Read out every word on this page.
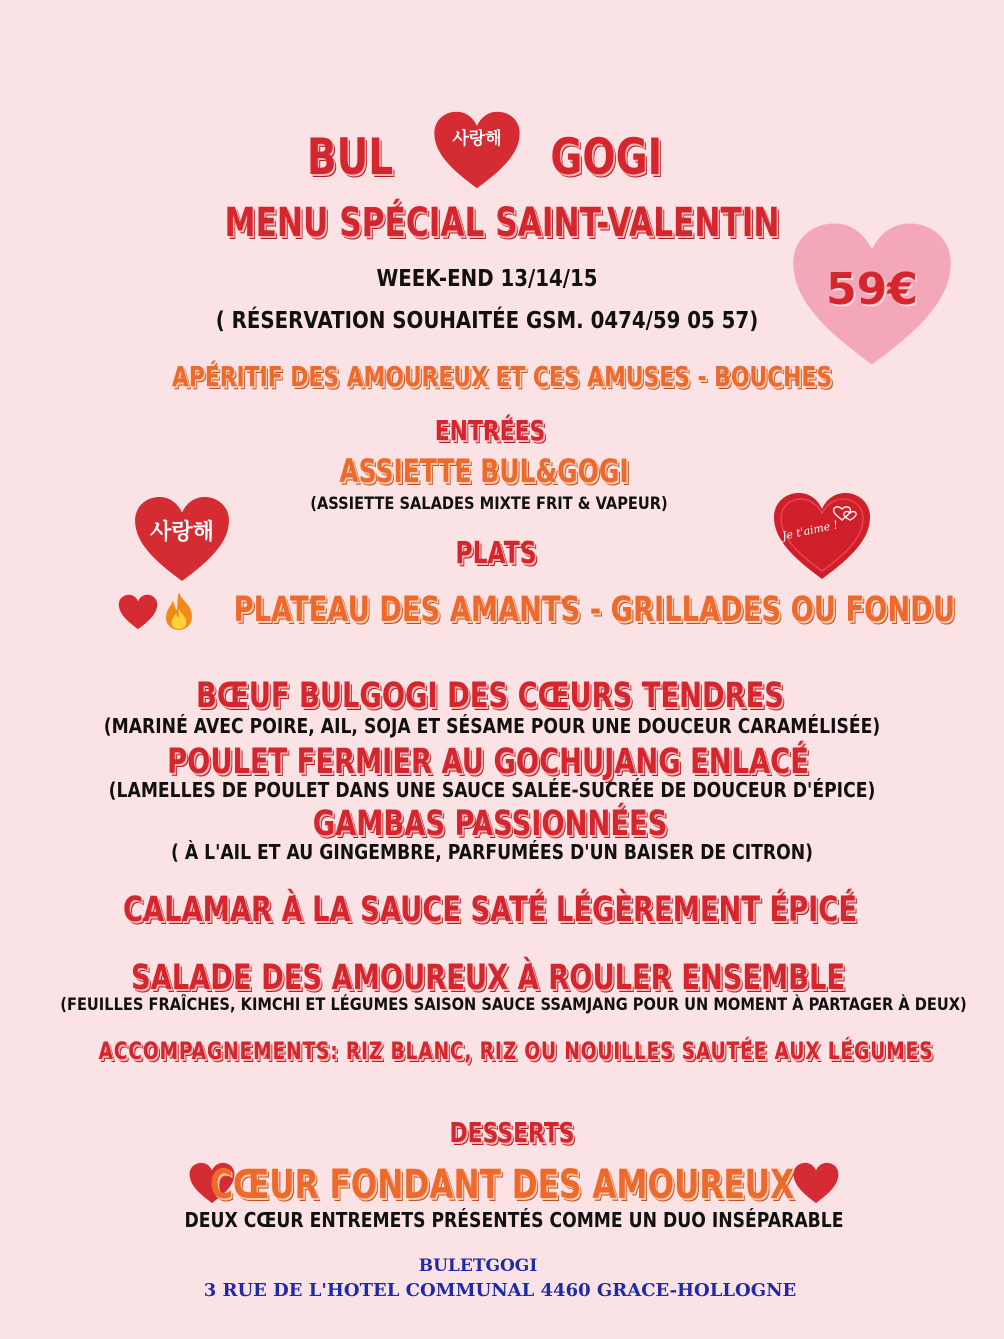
BUL	사랑해 GOGI
MENU SPÉCIAL SAINT-VALENTIN
WEEK-END 13/14/15
( RÉSERVATION SOUHAITÉE GSM. 0474/59 05 57)
59€
APÉRITIF DES AMOUREUX ET CES AMUSES - BOUCHES
ENTRÉES
ASSIETTE BUL&GOGI
(ASSIETTE SALADES MIXTE FRIT & VAPEUR)
사랑해	Je t'aime !
PLATS
PLATEAU DES AMANTS - GRILLADES OU FONDU
BŒUF BULGOGI DES CŒURS TENDRES
(MARINÉ AVEC POIRE, AIL, SOJA ET SÉSAME POUR UNE DOUCEUR CARAMÉLISÉE)
POULET FERMIER AU GOCHUJANG ENLACÉ
(LAMELLES DE POULET DANS UNE SAUCE SALÉE-SUCRÉE DE DOUCEUR D'ÉPICE)
GAMBAS PASSIONNÉES
( À L'AIL ET AU GINGEMBRE, PARFUMÉES D'UN BAISER DE CITRON)
CALAMAR À LA SAUCE SATÉ LÉGÈREMENT ÉPICÉ
SALADE DES AMOUREUX À ROULER ENSEMBLE
(FEUILLES FRAÎCHES, KIMCHI ET LÉGUMES SAISON SAUCE SSAMJANG POUR UN MOMENT À PARTAGER À DEUX)
ACCOMPAGNEMENTS: RIZ BLANC, RIZ OU NOUILLES SAUTÉE AUX LÉGUMES
DESSERTS
CŒUR FONDANT DES AMOUREUX
DEUX CŒUR ENTREMETS PRÉSENTÉS COMME UN DUO INSÉPARABLE
BULETGOGI
3 RUE DE L'HOTEL COMMUNAL 4460 GRACE-HOLLOGNE
